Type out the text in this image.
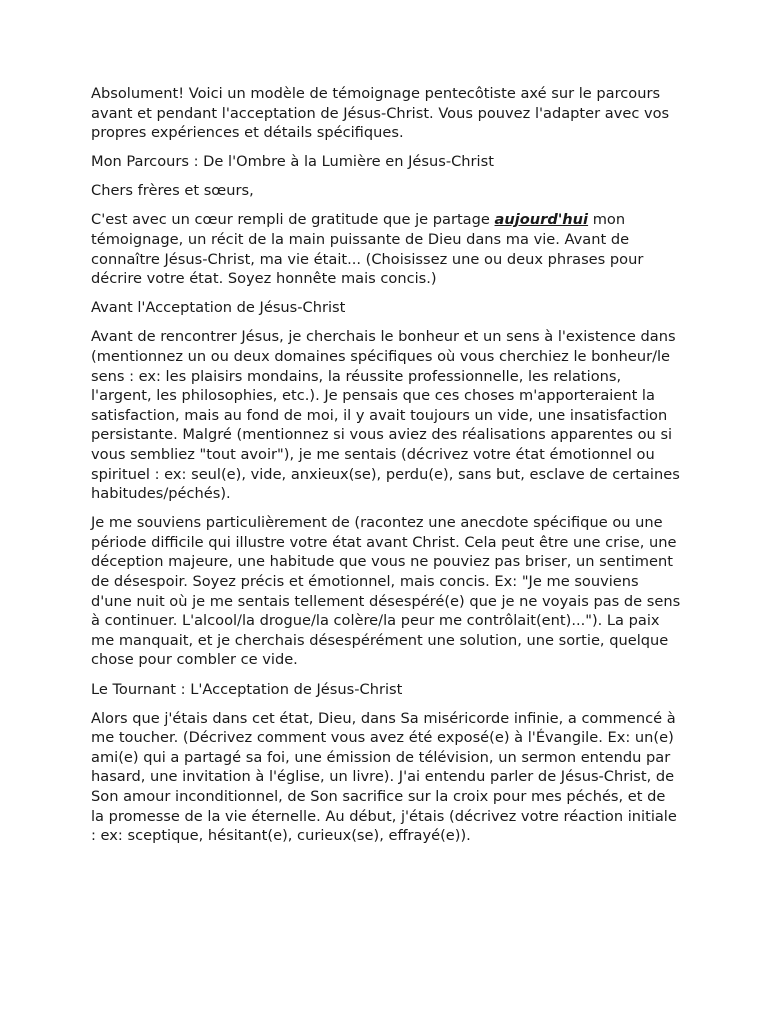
Absolument! Voici un modèle de témoignage pentecôtiste axé sur le parcours avant et pendant l'acceptation de Jésus-Christ. Vous pouvez l'adapter avec vos propres expériences et détails spécifiques.

Mon Parcours : De l'Ombre à la Lumière en Jésus-Christ

Chers frères et sœurs,

C'est avec un cœur rempli de gratitude que je partage aujourd'hui mon témoignage, un récit de la main puissante de Dieu dans ma vie. Avant de connaître Jésus-Christ, ma vie était... (Choisissez une ou deux phrases pour décrire votre état. Soyez honnête mais concis.)

Avant l'Acceptation de Jésus-Christ

Avant de rencontrer Jésus, je cherchais le bonheur et un sens à l'existence dans (mentionnez un ou deux domaines spécifiques où vous cherchiez le bonheur/le sens : ex: les plaisirs mondains, la réussite professionnelle, les relations, l'argent, les philosophies, etc.). Je pensais que ces choses m'apporteraient la satisfaction, mais au fond de moi, il y avait toujours un vide, une insatisfaction persistante. Malgré (mentionnez si vous aviez des réalisations apparentes ou si vous sembliez "tout avoir"), je me sentais (décrivez votre état émotionnel ou spirituel : ex: seul(e), vide, anxieux(se), perdu(e), sans but, esclave de certaines habitudes/péchés).

Je me souviens particulièrement de (racontez une anecdote spécifique ou une période difficile qui illustre votre état avant Christ. Cela peut être une crise, une déception majeure, une habitude que vous ne pouviez pas briser, un sentiment de désespoir. Soyez précis et émotionnel, mais concis. Ex: "Je me souviens d'une nuit où je me sentais tellement désespéré(e) que je ne voyais pas de sens à continuer. L'alcool/la drogue/la colère/la peur me contrôlait(ent)..."). La paix me manquait, et je cherchais désespérément une solution, une sortie, quelque chose pour combler ce vide.

Le Tournant : L'Acceptation de Jésus-Christ

Alors que j'étais dans cet état, Dieu, dans Sa miséricorde infinie, a commencé à me toucher. (Décrivez comment vous avez été exposé(e) à l'Évangile. Ex: un(e) ami(e) qui a partagé sa foi, une émission de télévision, un sermon entendu par hasard, une invitation à l'église, un livre). J'ai entendu parler de Jésus-Christ, de Son amour inconditionnel, de Son sacrifice sur la croix pour mes péchés, et de la promesse de la vie éternelle. Au début, j'étais (décrivez votre réaction initiale : ex: sceptique, hésitant(e), curieux(se), effrayé(e)).
